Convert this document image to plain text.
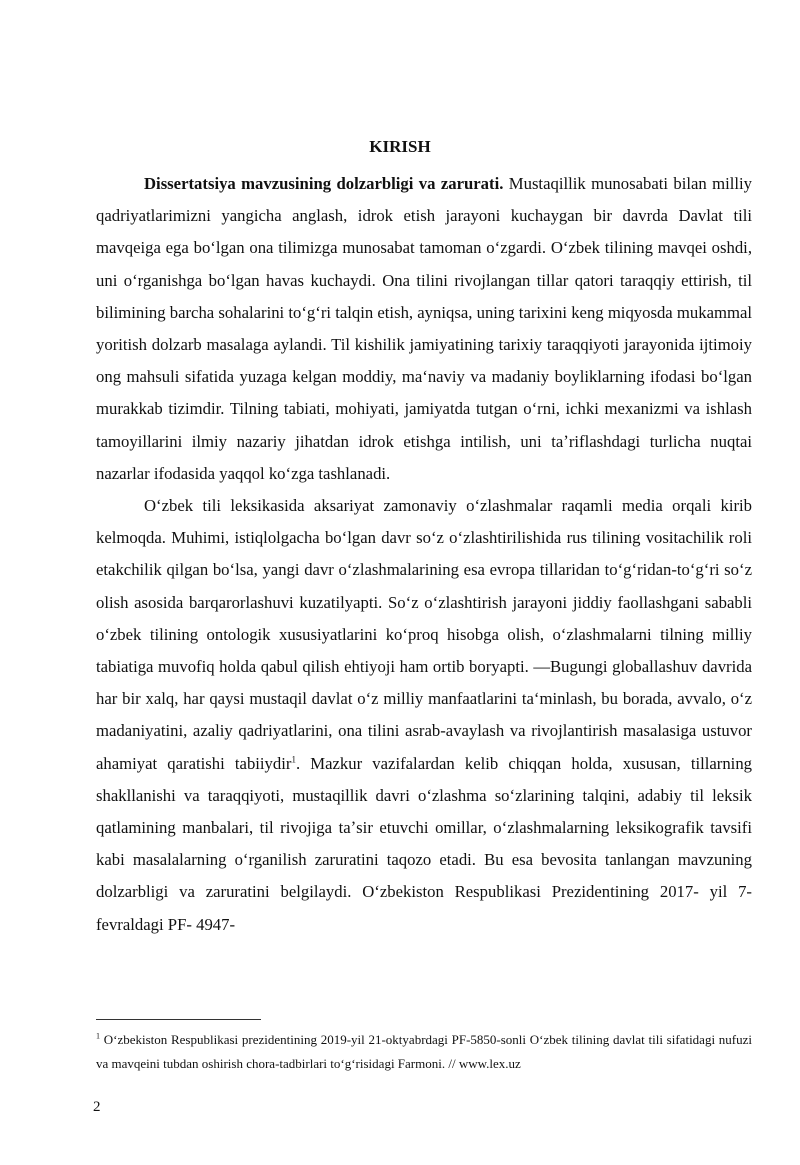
KIRISH

Dissertatsiya mavzusining dolzarbligi va zarurati. Mustaqillik munosabati bilan milliy qadriyatlarimizni yangicha anglash, idrok etish jarayoni kuchaygan bir davrda Davlat tili mavqeiga ega boʻlgan ona tilimizga munosabat tamoman oʻzgardi. Oʻzbek tilining mavqei oshdi, uni oʻrganishga boʻlgan havas kuchaydi. Ona tilini rivojlangan tillar qatori taraqqiy ettirish, til bilimining barcha sohalarini toʻgʻri talqin etish, ayniqsa, uning tarixini keng miqyosda mukammal yoritish dolzarb masalaga aylandi. Til kishilik jamiyatining tarixiy taraqqiyoti jarayonida ijtimoiy ong mahsuli sifatida yuzaga kelgan moddiy, maʻnaviy va madaniy boyliklarning ifodasi boʻlgan murakkab tizimdir. Tilning tabiati, mohiyati, jamiyatda tutgan oʻrni, ichki mexanizmi va ishlash tamoyillarini ilmiy nazariy jihatdan idrok etishga intilish, uni taʼriflashdagi turlicha nuqtai nazarlar ifodasida yaqqol koʻzga tashlanadi.

Oʻzbek tili leksikasida aksariyat zamonaviy oʻzlashmalar raqamli media orqali kirib kelmoqda. Muhimi, istiqlolgacha boʻlgan davr soʻz oʻzlashtirilishida rus tilining vositachilik roli etakchilik qilgan boʻlsa, yangi davr oʻzlashmalarining esa evropa tillaridan toʻgʻridan-toʻgʻri soʻz olish asosida barqarorlashuvi kuzatilyapti. Soʻz oʻzlashtirish jarayoni jiddiy faollashgani sababli oʻzbek tilining ontologik xususiyatlarini koʻproq hisobga olish, oʻzlashmalarni tilning milliy tabiatiga muvofiq holda qabul qilish ehtiyoji ham ortib boryapti. ―Bugungi globallashuv davrida har bir xalq, har qaysi mustaqil davlat oʻz milliy manfaatlarini taʻminlash, bu borada, avvalo, oʻz madaniyatini, azaliy qadriyatlarini, ona tilini asrab-avaylash va rivojlantirish masalasiga ustuvor ahamiyat qaratishi tabiiydir$^1$. Mazkur vazifalardan kelib chiqqan holda, xususan, tillarning shakllanishi va taraqqiyoti, mustaqillik davri oʻzlashma soʻzlarining talqini, adabiy til leksik qatlamining manbalari, til rivojiga taʼsir etuvchi omillar, oʻzlashmalarning leksikografik tavsifi kabi masalalarning oʻrganilish zaruratini taqozo etadi. Bu esa bevosita tanlangan mavzuning dolzarbligi va zaruratini belgilaydi. Oʻzbekiston Respublikasi Prezidentining 2017- yil 7- fevraldagi PF- 4947-

$^1$ Oʻzbekiston Respublikasi prezidentining 2019-yil 21-oktyabrdagi PF-5850-sonli Oʻzbek tilining davlat tili sifatidagi nufuzi va mavqeini tubdan oshirish chora-tadbirlari toʻgʻrisidagi Farmoni. // www.lex.uz
2
